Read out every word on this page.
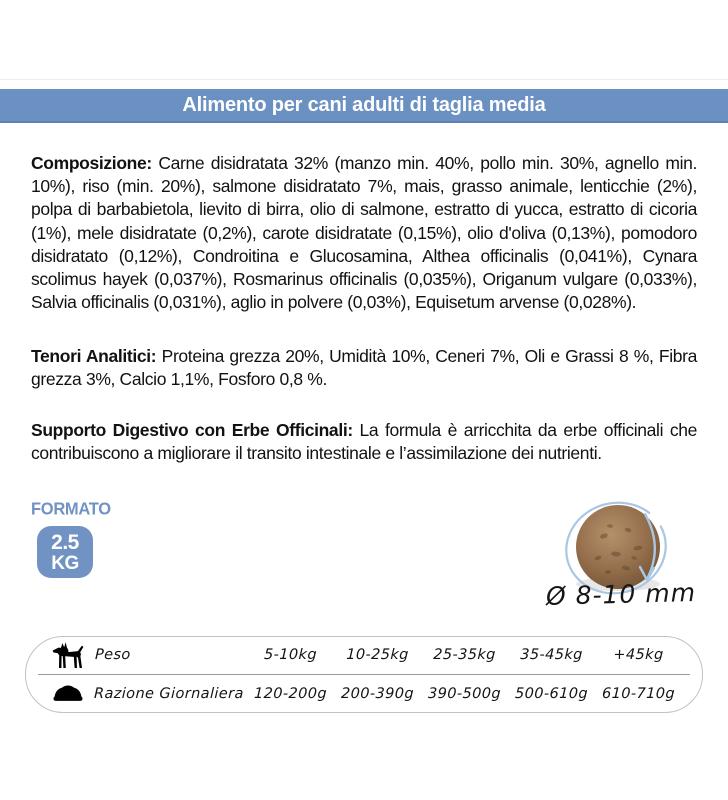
Alimento per cani adulti di taglia media

Composizione: Carne disidratata 32% (manzo min. 40%, pollo min. 30%, agnello min. 10%), riso (min. 20%), salmone disidratato 7%, mais, grasso animale, lenticchie (2%), polpa di barbabietola, lievito di birra, olio di salmone, estratto di yucca, estratto di cicoria (1%), mele disidratate (0,2%), carote disidratate (0,15%), olio d'oliva (0,13%), pomodoro disidratato (0,12%), Condroitina e Glucosamina, Althea officinalis (0,041%), Cynara scolimus hayek (0,037%), Rosmarinus officinalis (0,035%), Origanum vulgare (0,033%), Salvia officinalis (0,031%), aglio in polvere (0,03%), Equisetum arvense (0,028%).

Tenori Analitici: Proteina grezza 20%, Umidità 10%, Ceneri 7%, Oli e Grassi 8 %, Fibra grezza 3%, Calcio 1,1%, Fosforo 0,8 %.

Supporto Digestivo con Erbe Officinali: La formula è arricchita da erbe officinali che contribuiscono a migliorare il transito intestinale e l’assimilazione dei nutrienti.

FORMATO
2.5
KG
Ø 8-10 mm
Peso	5-10kg	10-25kg	25-35kg	35-45kg	+45kg
Razione Giornaliera 120-200g 200-390g 390-500g 500-610g 610-710g
